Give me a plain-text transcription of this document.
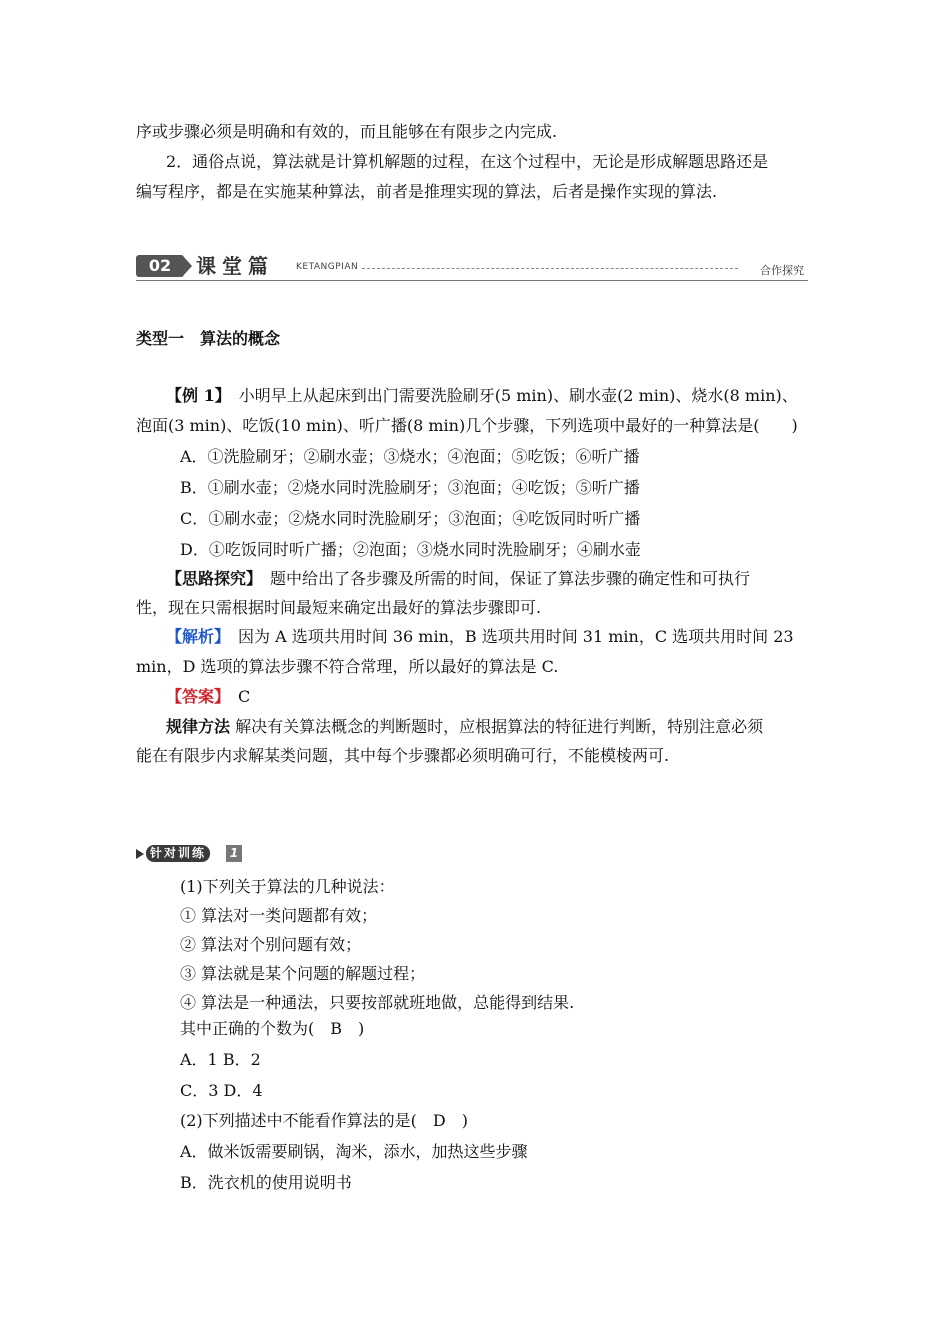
序或步骤必须是明确和有效的，而且能够在有限步之内完成.
2．通俗点说，算法就是计算机解题的过程，在这个过程中，无论是形成解题思路还是
编写程序，都是在实施某种算法，前者是推理实现的算法，后者是操作实现的算法.
02	课堂篇 KETANGPIAN	合作探究
类型一　算法的概念
【例 1】　小明早上从起床到出门需要洗脸刷牙(5 min)、刷水壶(2 min)、烧水(8 min)、
泡面(3 min)、吃饭(10 min)、听广播(8 min)几个步骤，下列选项中最好的一种算法是(　　)
A．①洗脸刷牙；②刷水壶；③烧水；④泡面；⑤吃饭；⑥听广播
B．①刷水壶；②烧水同时洗脸刷牙；③泡面；④吃饭；⑤听广播
C．①刷水壶；②烧水同时洗脸刷牙；③泡面；④吃饭同时听广播
D．①吃饭同时听广播；②泡面；③烧水同时洗脸刷牙；④刷水壶
【思路探究】　题中给出了各步骤及所需的时间，保证了算法步骤的确定性和可执行
性，现在只需根据时间最短来确定出最好的算法步骤即可.
【解析】　因为 A 选项共用时间 36 min，B 选项共用时间 31 min，C 选项共用时间 23
min，D 选项的算法步骤不符合常理，所以最好的算法是 C.
【答案】　C
规律方法 解决有关算法概念的判断题时，应根据算法的特征进行判断，特别注意必须
能在有限步内求解某类问题，其中每个步骤都必须明确可行，不能模棱两可.
针对训练	1
(1)下列关于算法的几种说法：
① 算法对一类问题都有效；
② 算法对个别问题有效；
③ 算法就是某个问题的解题过程；
④ 算法是一种通法，只要按部就班地做，总能得到结果.
其中正确的个数为(　B　)
A．1 B．2
C．3 D．4
(2)下列描述中不能看作算法的是(　D　)
A．做米饭需要刷锅，淘米，添水，加热这些步骤
B．洗衣机的使用说明书
